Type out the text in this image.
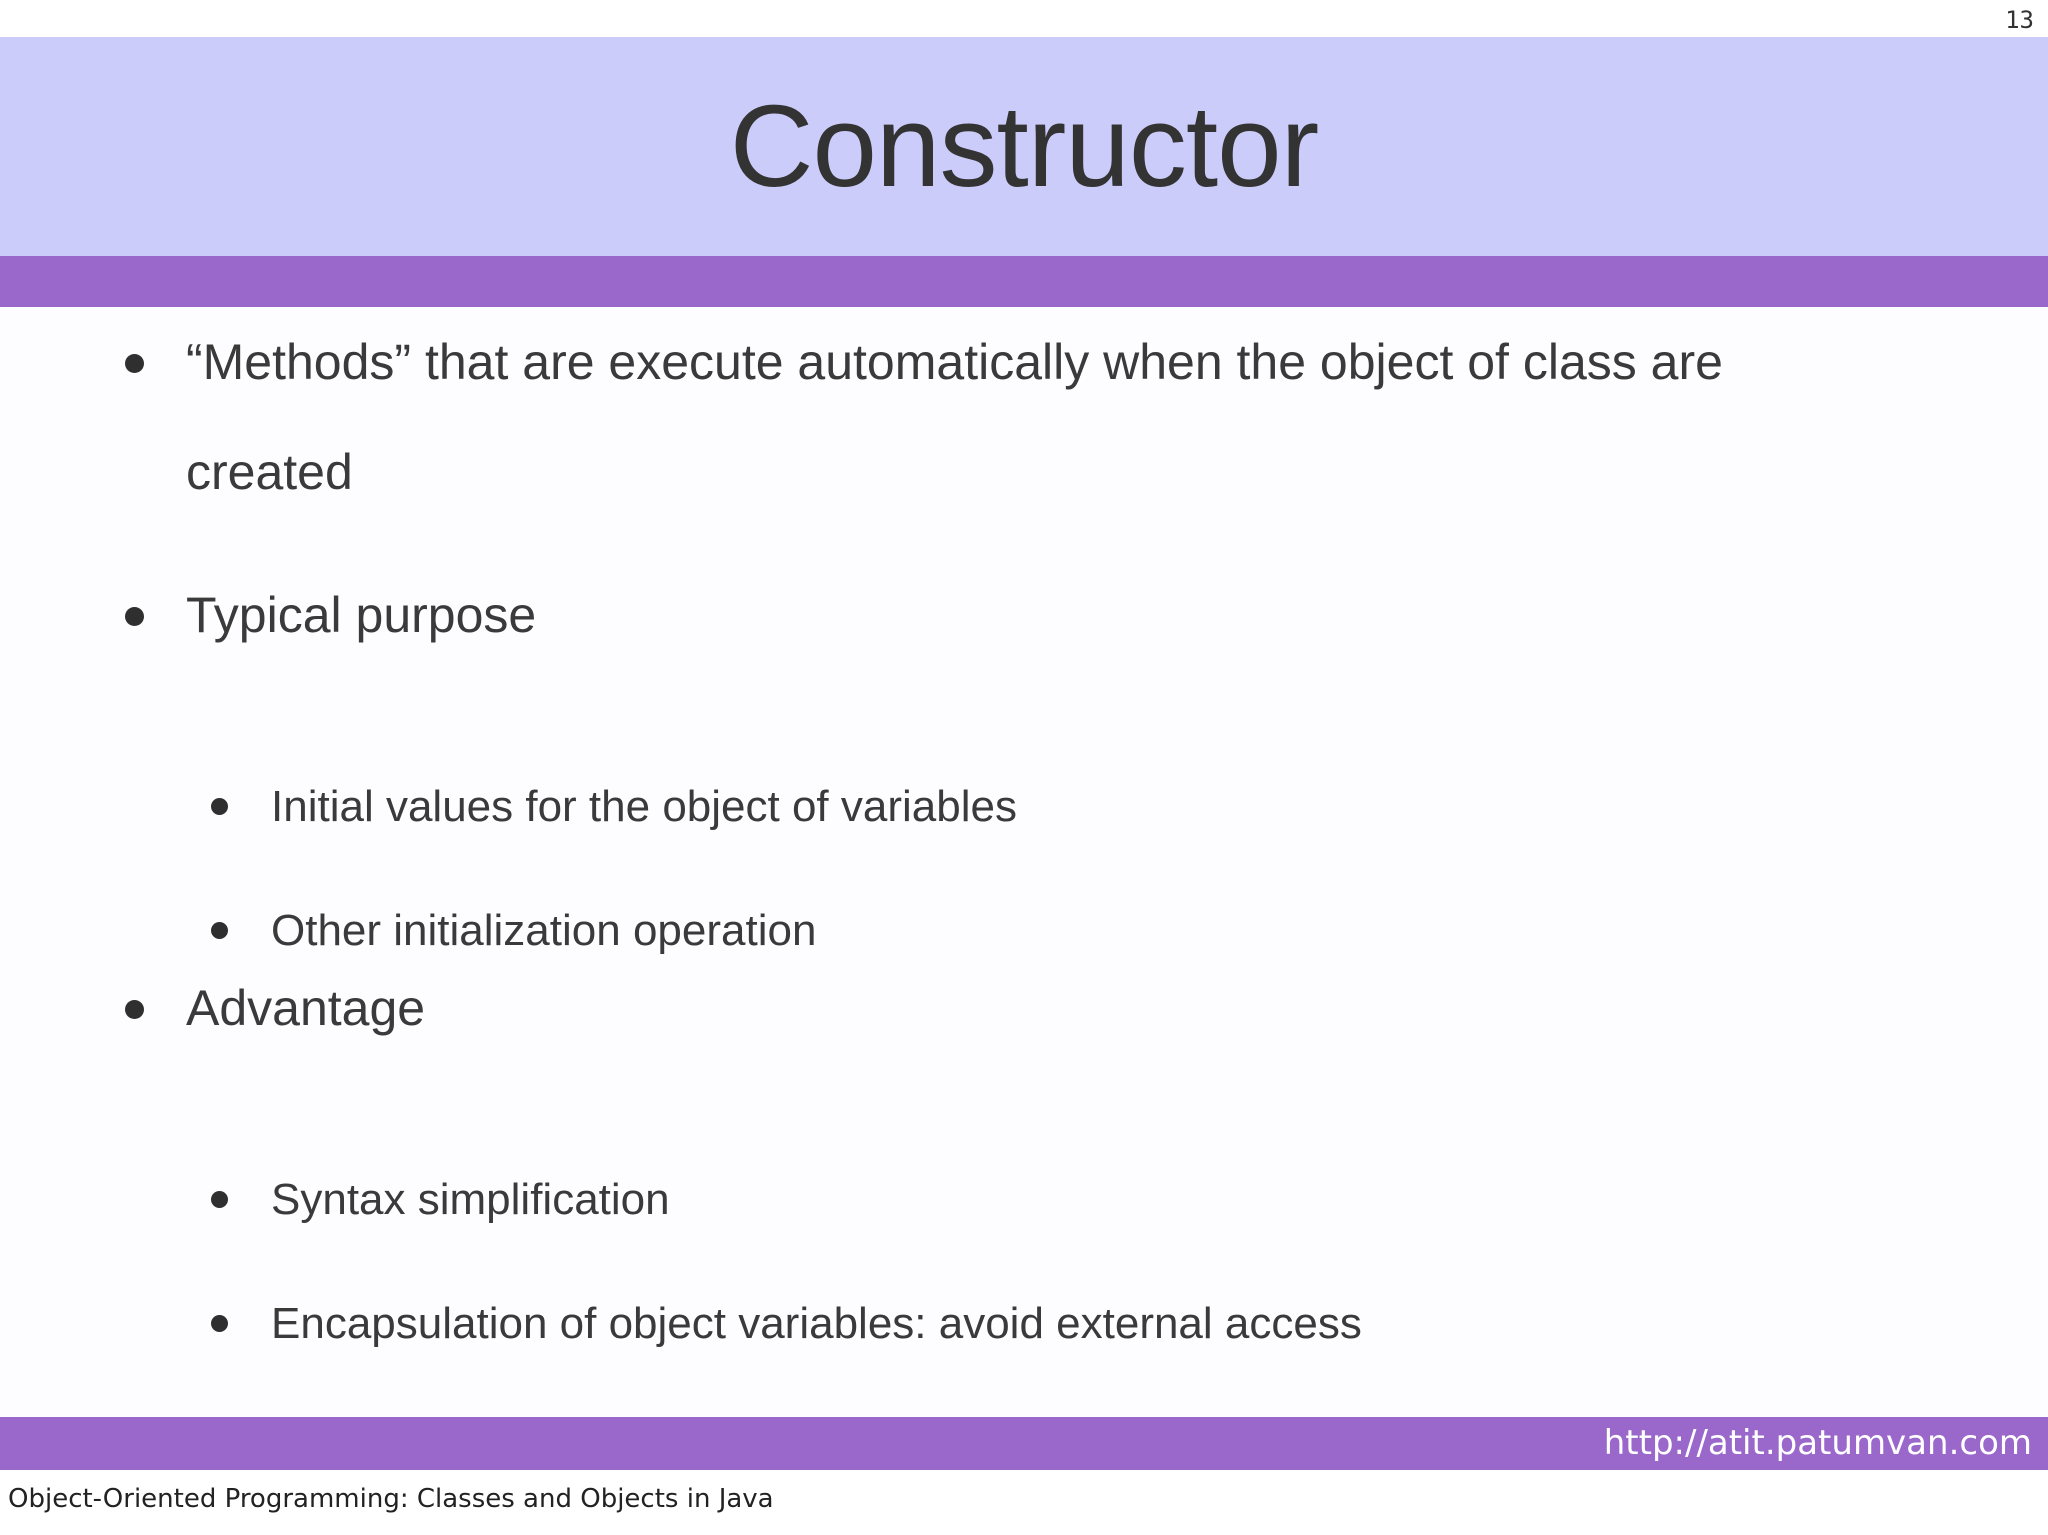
13
Constructor
“Methods” that are execute automatically when the object of class are
created
Typical purpose
Initial values for the object of variables
Other initialization operation
Advantage
Syntax simplification
Encapsulation of object variables: avoid external access
http://atit.patumvan.com
Object-Oriented Programming: Classes and Objects in Java
